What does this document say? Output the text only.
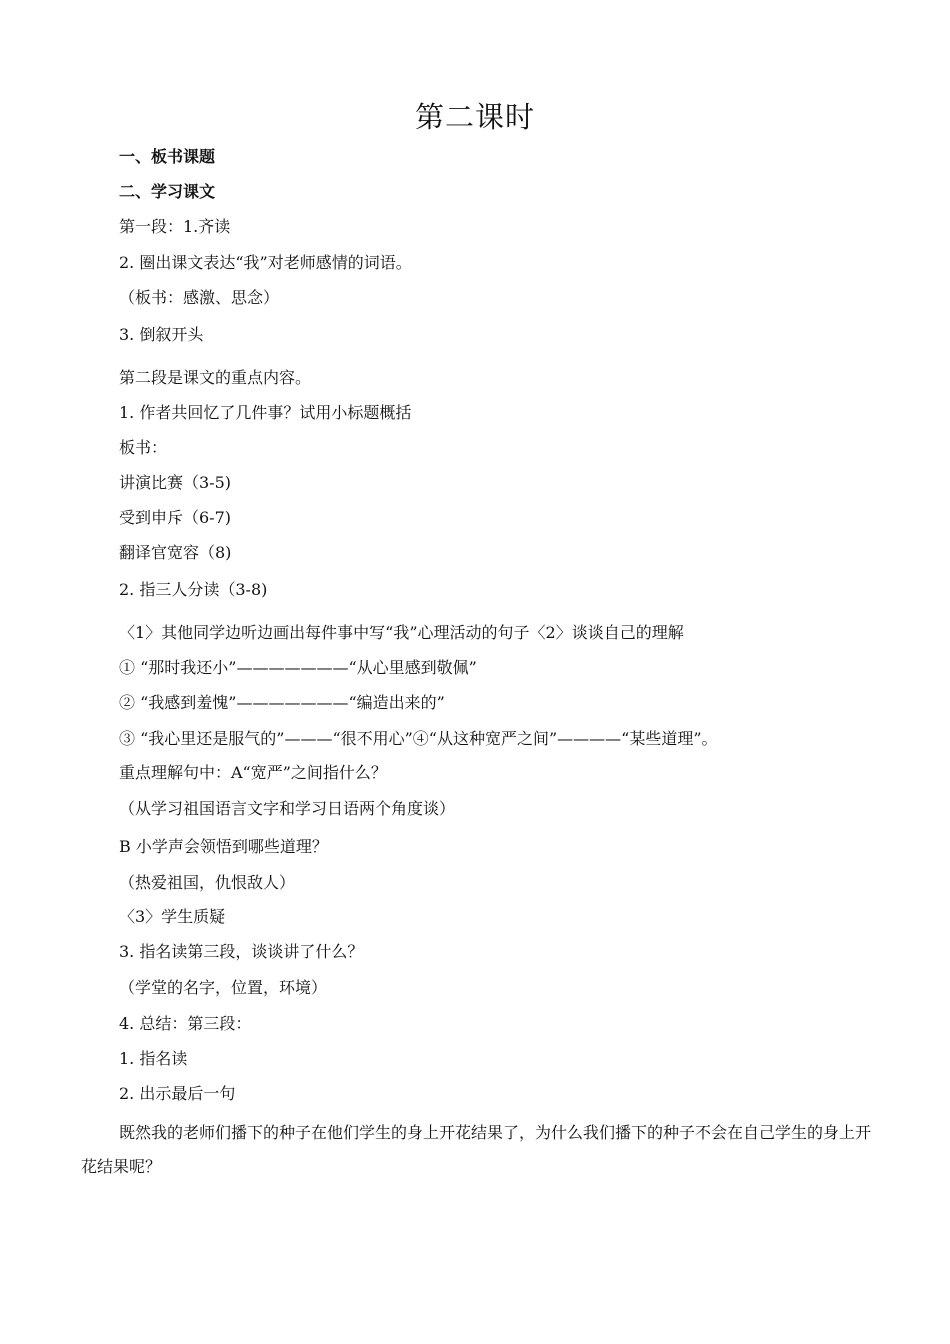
第二课时
一、板书课题
二、学习课文
第一段：1.齐读
2. 圈出课文表达“我”对老师感情的词语。
（板书：感激、思念）
3. 倒叙开头
第二段是课文的重点内容。
1. 作者共回忆了几件事？试用小标题概括
板书：
讲演比赛（3-5)
受到申斥（6-7)
翻译官宽容（8)
2. 指三人分读（3-8)
〈1〉其他同学边听边画出每件事中写“我”心理活动的句子〈2〉谈谈自己的理解
① “那时我还小”———————“从心里感到敬佩”
② “我感到羞愧”———————“编造出来的”
③ “我心里还是服气的”———“很不用心”④“从这种宽严之间”————“某些道理”。
重点理解句中：A“宽严”之间指什么？
（从学习祖国语言文字和学习日语两个角度谈）
B 小学声会领悟到哪些道理？
（热爱祖国，仇恨敌人）
〈3〉学生质疑
3. 指名读第三段，谈谈讲了什么？
（学堂的名字，位置，环境）
4. 总结：第三段：
1. 指名读
2. 出示最后一句
既然我的老师们播下的种子在他们学生的身上开花结果了，为什么我们播下的种子不会在自己学生的身上开花结果呢？
